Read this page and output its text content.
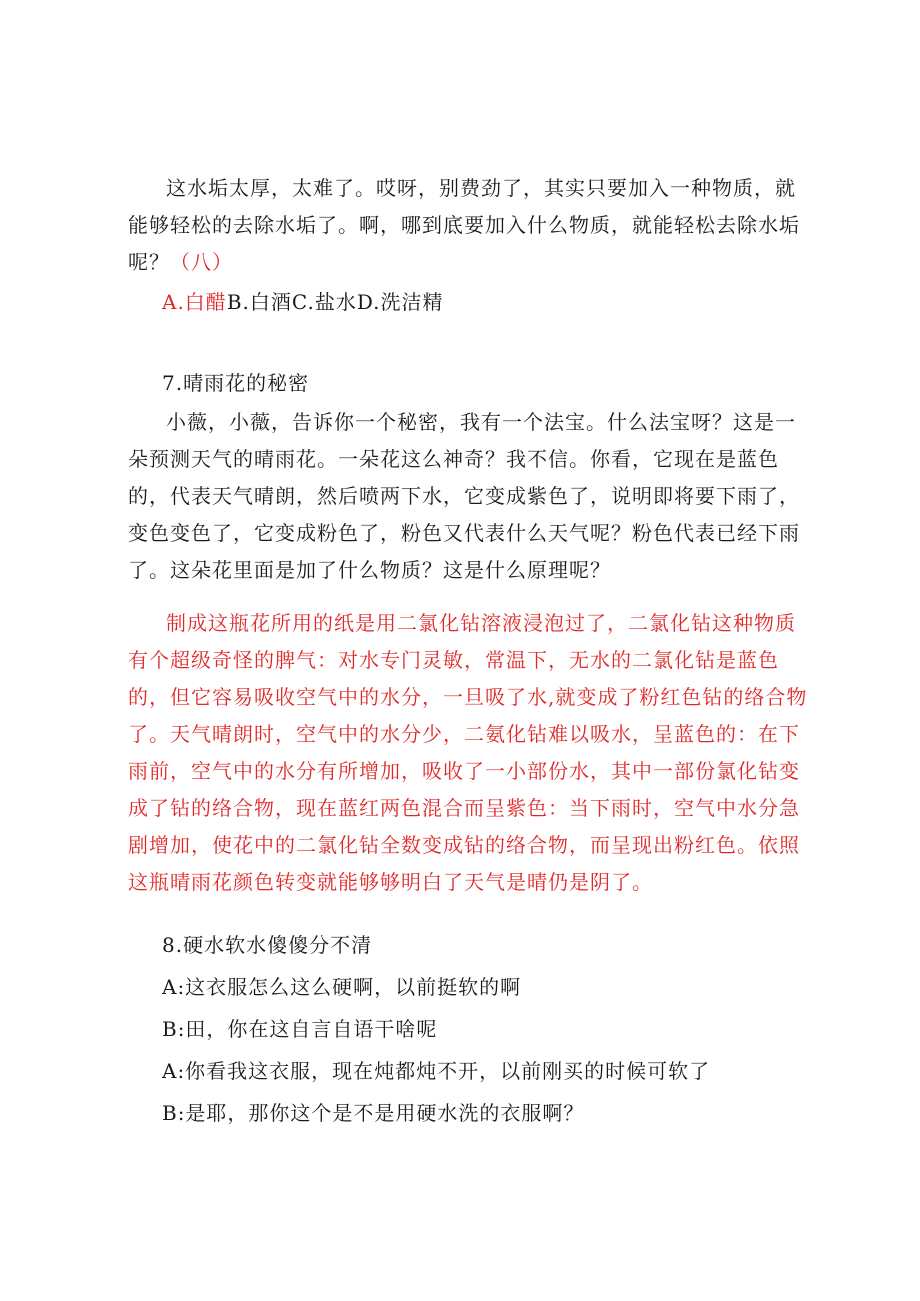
这水垢太厚，太难了。哎呀，别费劲了，其实只要加入一种物质，就能够轻松的去除水垢了。啊，哪到底要加入什么物质，就能轻松去除水垢呢？（八）

A.白醋B.白酒C.盐水D.洗洁精

7.晴雨花的秘密

小薇，小薇，告诉你一个秘密，我有一个法宝。什么法宝呀？这是一朵预测天气的晴雨花。一朵花这么神奇？我不信。你看，它现在是蓝色的，代表天气晴朗，然后喷两下水，它变成紫色了，说明即将要下雨了，变色变色了，它变成粉色了，粉色又代表什么天气呢？粉色代表已经下雨了。这朵花里面是加了什么物质？这是什么原理呢？

制成这瓶花所用的纸是用二氯化钻溶液浸泡过了，二氯化钻这种物质有个超级奇怪的脾气：对水专门灵敏，常温下，无水的二氯化钻是蓝色的，但它容易吸收空气中的水分，一旦吸了水,就变成了粉红色钻的络合物了。天气晴朗时，空气中的水分少，二氨化钻难以吸水，呈蓝色的：在下雨前，空气中的水分有所增加，吸收了一小部份水，其中一部份氯化钻变成了钻的络合物，现在蓝红两色混合而呈紫色：当下雨时，空气中水分急剧增加，使花中的二氯化钻全数变成钻的络合物，而呈现出粉红色。依照这瓶晴雨花颜色转变就能够够明白了天气是晴仍是阴了。

8.硬水软水傻傻分不清

A:这衣服怎么这么硬啊，以前挺软的啊

B:田，你在这自言自语干啥呢

A:你看我这衣服，现在炖都炖不开，以前刚买的时候可软了

B:是耶，那你这个是不是用硬水洗的衣服啊？
